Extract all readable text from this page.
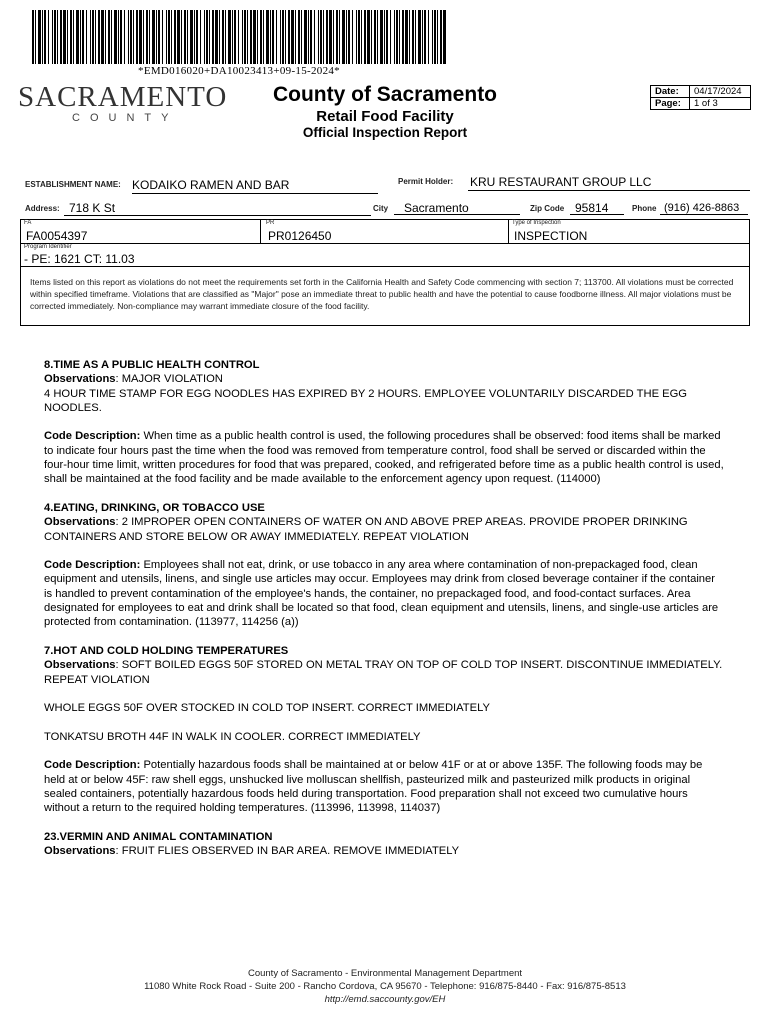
*EMD016020+DA10023413+09-15-2024*
SACRAMENTO
COUNTY
County of Sacramento
Retail Food Facility
Official Inspection Report
Date:	04/17/2024
Page:	1 of 3
ESTABLISHMENT NAME: KODAIKO RAMEN AND BAR	Permit Holder: KRU RESTAURANT GROUP LLC
Address: 718 K St	City	Sacramento	Zip Code 95814	Phone (916) 426-8863
FA
FA0054397
PR
PR0126450
Type of Inspection
INSPECTION
Program Identifier
- PE: 1621 CT: 11.03
Items listed on this report as violations do not meet the requirements set forth in the California Health and Safety Code commencing with section 7; 113700. All violations must be corrected within specified timeframe. Violations that are classified as "Major" pose an immediate threat to public health and have the potential to cause foodborne illness. All major violations must be corrected immediately. Non-compliance may warrant immediate closure of the food facility.

8.TIME AS A PUBLIC HEALTH CONTROL

Observations: MAJOR VIOLATION

4 HOUR TIME STAMP FOR EGG NOODLES HAS EXPIRED BY 2 HOURS. EMPLOYEE VOLUNTARILY DISCARDED THE EGG NOODLES.

Code Description: When time as a public health control is used, the following procedures shall be observed: food items shall be marked to indicate four hours past the time when the food was removed from temperature control, food shall be served or discarded within the four-hour time limit, written procedures for food that was prepared, cooked, and refrigerated before time as a public health control is used, shall be maintained at the food facility and be made available to the enforcement agency upon request. (114000)

4.EATING, DRINKING, OR TOBACCO USE

Observations: 2 IMPROPER OPEN CONTAINERS OF WATER ON AND ABOVE PREP AREAS. PROVIDE PROPER DRINKING CONTAINERS AND STORE BELOW OR AWAY IMMEDIATELY. REPEAT VIOLATION

Code Description: Employees shall not eat, drink, or use tobacco in any area where contamination of non-prepackaged food, clean equipment and utensils, linens, and single use articles may occur. Employees may drink from closed beverage container if the container is handled to prevent contamination of the employee's hands, the container, no prepackaged food, and food-contact surfaces. Area designated for employees to eat and drink shall be located so that food, clean equipment and utensils, linens, and single-use articles are protected from contamination. (113977, 114256 (a))

7.HOT AND COLD HOLDING TEMPERATURES

Observations: SOFT BOILED EGGS 50F STORED ON METAL TRAY ON TOP OF COLD TOP INSERT. DISCONTINUE IMMEDIATELY. REPEAT VIOLATION

WHOLE EGGS 50F OVER STOCKED IN COLD TOP INSERT. CORRECT IMMEDIATELY

TONKATSU BROTH 44F IN WALK IN COOLER. CORRECT IMMEDIATELY

Code Description: Potentially hazardous foods shall be maintained at or below 41F or at or above 135F. The following foods may be held at or below 45F: raw shell eggs, unshucked live molluscan shellfish, pasteurized milk and pasteurized milk products in original sealed containers, potentially hazardous foods held during transportation. Food preparation shall not exceed two cumulative hours without a return to the required holding temperatures. (113996, 113998, 114037)

23.VERMIN AND ANIMAL CONTAMINATION

Observations: FRUIT FLIES OBSERVED IN BAR AREA. REMOVE IMMEDIATELY

County of Sacramento - Environmental Management Department
11080 White Rock Road - Suite 200 - Rancho Cordova, CA 95670 - Telephone: 916/875-8440 - Fax: 916/875-8513
http://emd.saccounty.gov/EH
